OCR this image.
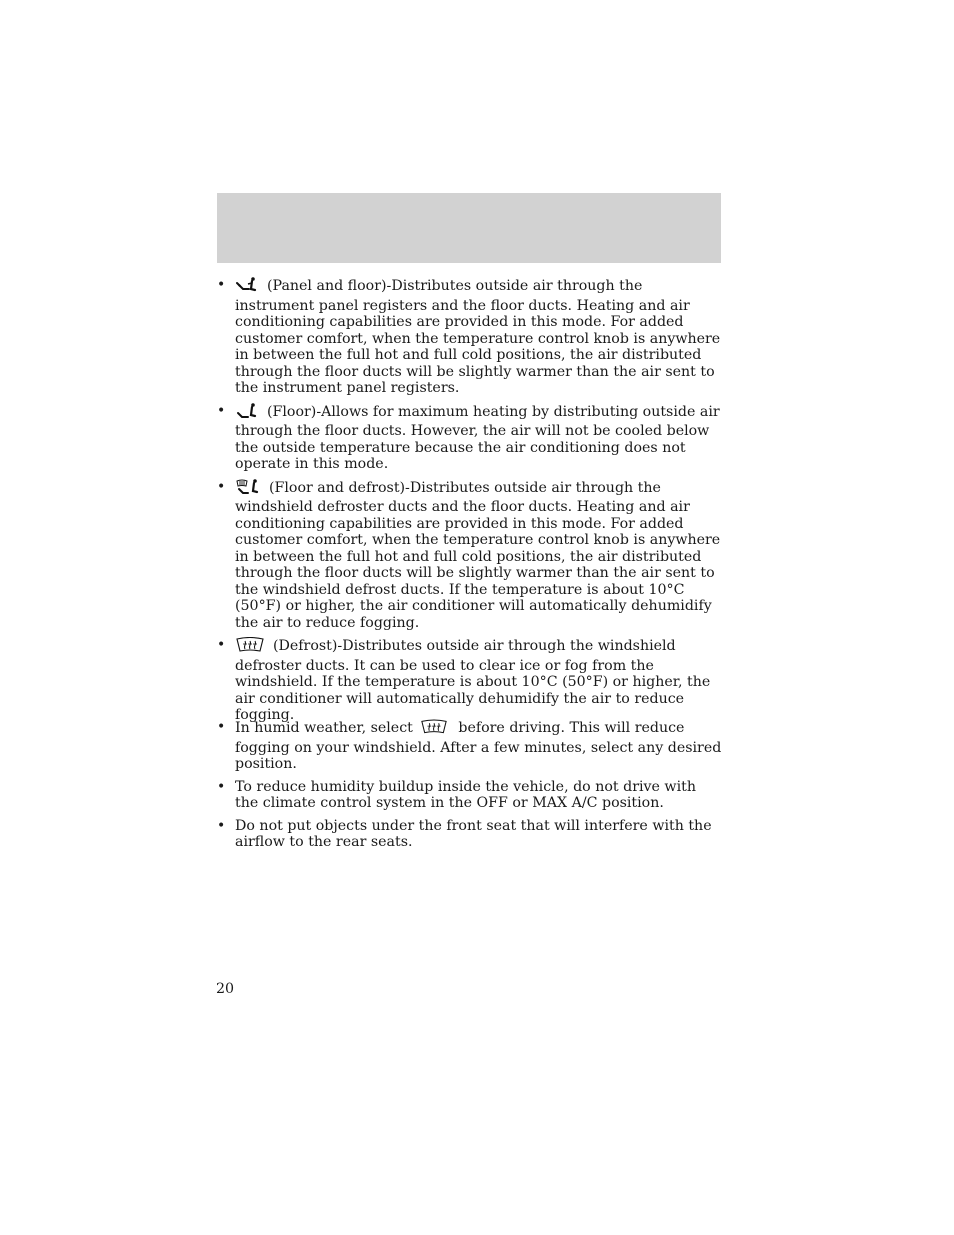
•	(Panel and floor)-Distributes outside air through the instrument panel registers and the floor ducts. Heating and air conditioning capabilities are provided in this mode. For added customer comfort, when the temperature control knob is anywhere in between the full hot and full cold positions, the air distributed through the floor ducts will be slightly warmer than the air sent to the instrument panel registers.
•	(Floor)-Allows for maximum heating by distributing outside air through the floor ducts. However, the air will not be cooled below the outside temperature because the air conditioning does not operate in this mode.
•	(Floor and defrost)-Distributes outside air through the windshield defroster ducts and the floor ducts. Heating and air conditioning capabilities are provided in this mode. For added customer comfort, when the temperature control knob is anywhere in between the full hot and full cold positions, the air distributed through the floor ducts will be slightly warmer than the air sent to the windshield defrost ducts. If the temperature is about 10°C (50°F) or higher, the air conditioner will automatically dehumidify the air to reduce fogging.
•	(Defrost)-Distributes outside air through the windshield defroster ducts. It can be used to clear ice or fog from the windshield. If the temperature is about 10°C (50°F) or higher, the air conditioner will automatically dehumidify the air to reduce fogging.
• In humid weather, select	before driving. This will reduce fogging on your windshield. After a few minutes, select any desired position.
• To reduce humidity buildup inside the vehicle, do not drive with the climate control system in the OFF or MAX A/C position.
• Do not put objects under the front seat that will interfere with the airflow to the rear seats.
20
